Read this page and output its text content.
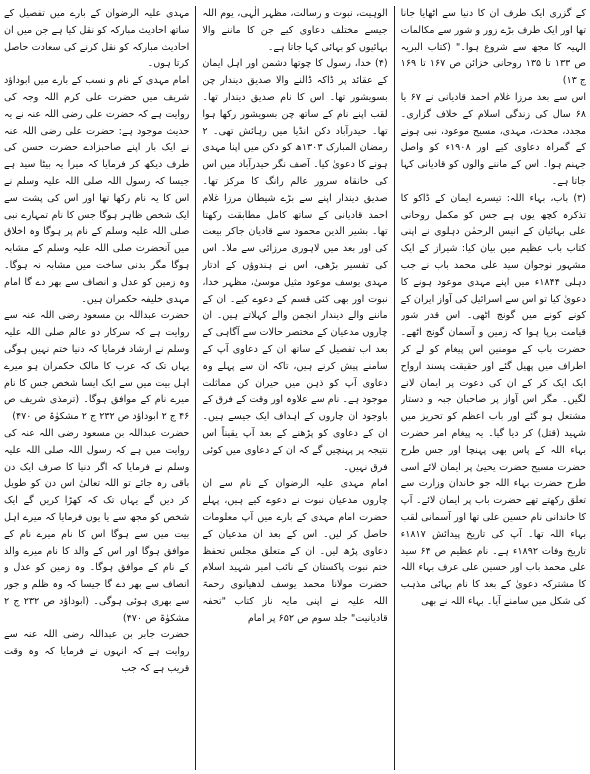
کے گزری ایک طرف ان کا دنیا سے اٹھایا جانا تھا اور ایک طرف بڑے زور و شور سے مکالمات الہیہ کا مجھ سے شروع ہوا۔" (کتاب البریہ ص ۱۳۳ تا ۱۳۵ روحانی خزائن ص ۱۶۷ تا ۱۶۹ ج ۱۳)

اس سے بعد مرزا غلام احمد قادیانی نے ۶۷ یا ۶۸ سال کی زندگی اسلام کے خلاف گزاری۔ مجدد، محدث، مہدی، مسیح موعود، نبی ہونے کے گمراہ دعاوی کیے اور ۱۹۰۸ء کو واصل جہنم ہوا۔ اس کے ماننے والوں کو قادیانی کہا جاتا ہے۔

(۳) باب، بہاء اللہ: تیسرے ایمان کے ڈاکو کا تذکرہ کچھ یوں ہے جس کو مکمل روحانی علی بہائیان کے انیس الرحمٰن دہلوی نے اپنی کتاب باب عظیم میں بیان کیا: شیراز کے ایک مشہور نوجوان سید علی محمد باب نے جب دہلی ۱۸۴۴ء میں اپنے مہدی موعود ہونے کا دعویٰ کیا تو اس سے اسرائیل کی آواز ایران کے کونے کونے میں گونج اٹھی۔ اس قدر شور قیامت برپا ہوا کہ زمین و آسمان گونج اٹھے۔ حضرت باب کے مومنین اس پیغام کو لے کر اطراف میں پھیل گئے اور حقیقت پسند ارواح ایک ایک کر کے ان کی دعوت پر ایمان لانے لگیں۔ مگر اس آواز پر صاحبان جبہ و دستار مشتعل ہو گئے اور باب اعظم کو تحریز میں شہید (قتل) کر دیا گیا۔ یہ پیغام امر حضرت بہاء اللہ کے پاس بھی پہنچا اور جس طرح حضرت مسیح حضرت یحییٰ پر ایمان لائے اسی طرح حضرت بہاء اللہ جو خاندان وزارت سے تعلق رکھتے تھے حضرت باب پر ایمان لائے۔ آپ کا خاندانی نام حسین علی تھا اور آسمانی لقب بہاء اللہ تھا۔ آپ کی تاریخ پیدائش ۱۸۱۷ء تاریخ وفات ۱۸۹۲ء ہے۔ نام عظیم ص ۶۴ سید علی محمد باب اور حسین علی عرف بہاء اللہ کا مشترکہ دعویٰ کے بعد کا نام بہائی مذہب کی شکل میں سامنے آیا۔ بہاء اللہ نے بھی

الوہیت، نبوت و رسالت، مظہر الٰہی، یوم اللہ جیسے مختلف دعاوی کیے جن کا ماننے والا بہائیوں کو بہائی کہا جاتا ہے۔

(۴) خدا، رسول کا چوتھا دشمن اور اہل ایمان کے عقائد پر ڈاکہ ڈالنے والا صدیق دیندار چن بسویشور تھا۔ اس کا نام صدیق دیندار تھا۔ لقب اپنے نام کے ساتھ چن بسویشور رکھا ہوا تھا۔ حیدرآباد دکن انڈیا میں رہائش تھی۔ ۲ رمضان المبارک ۱۳۰۳ھ کو دکن میں اپنا مہدی ہونے کا دعویٰ کیا۔ آصف نگر حیدرآباد میں اس کی خانقاہ سرور عالم رانگ کا مرکز تھا۔ صدیق دیندار اپنے سے بڑے شیطان مرزا غلام احمد قادیانی کے ساتھ کامل مطابقت رکھتا تھا۔ بشیر الدین محمود سے قادیان جاکر بیعت کی اور بعد میں لاہوری مرزائی سے ملا۔ اس کی تفسیر بڑھی، اس نے ہندوؤں کے ادتار مہدی یوسف موعود مثیل موسیٰ، مظہر خدا، نبوت اور بھی کئی قسم کے دعوے کیے۔ ان کے ماننے والے دیندار انجمن والے کہلاتے ہیں۔ ان چاروں مدعیان کے مختصر حالات سے آگاہی کے بعد اب تفصیل کے ساتھ ان کے دعاوی آپ کے سامنے پیش کرنے ہیں، تاکہ ان سے پہلے وہ دعاوی آپ کو ذہن میں حیران کن مماثلت موجود ہے۔ نام سے علاوہ اور وقت کے فرق کے باوجود ان چاروں کے اہداف ایک جیسے ہیں۔ ان کے دعاوی کو پڑھنے کے بعد آپ یقیناً اس نتیجہ پر پہنچیں گے کہ ان کے دعاوی میں کوئی فرق نہیں۔

امام مہدی علیہ الرضوان کے نام سے ان چاروں مدعیان نبوت نے دعوے کیے ہیں، پہلے حضرت امام مہدی کے بارے میں آپ معلومات حاصل کر لیں۔ اس کے بعد ان مدعیان کے دعاوی پڑھ لیں۔ ان کے متعلق مجلس تحفظ ختم نبوت پاکستان کے نائب امیر شہید اسلام حضرت مولانا محمد یوسف لدھیانوی رحمۃ اللہ علیہ نے اپنی مایہ ناز کتاب "تحفہ قادیانیت" جلد سوم ص ۶۵۲ پر امام

مہدی علیہ الرضوان کے بارے میں تفصیل کے ساتھ احادیث مبارکہ کو نقل کیا ہے جن میں ان احادیث مبارکہ کو نقل کرنے کی سعادت حاصل کرتا ہوں۔

امام مہدی کے نام و نسب کے بارے میں ابوداؤد شریف میں حضرت علی کرم اللہ وجہ کی روایت ہے کہ حضرت علی رضی اللہ عنہ نے یہ حدیث موجود ہے: حضرت علی رضی اللہ عنہ نے ایک بار اپنے صاحبزادے حضرت حسن کی طرف دیکھ کر فرمایا کہ میرا یہ بیٹا سید ہے جیسا کہ رسول اللہ صلی اللہ علیہ وسلم نے اس کا یہ نام رکھا تھا اور اس کی پشت سے ایک شخص ظاہر ہوگا جس کا نام تمہارے نبی صلی اللہ علیہ وسلم کے نام پر ہوگا وہ اخلاق میں آنحضرت صلی اللہ علیہ وسلم کے مشابہ ہوگا مگر بدنی ساخت میں مشابہ نہ ہوگا۔ وہ زمین کو عدل و انصاف سے بھر دے گا امام مہدی خلیفہ حکمران ہیں۔

حضرت عبداللہ بن مسعود رضی اللہ عنہ سے روایت ہے کہ سرکار دو عالم صلی اللہ علیہ وسلم نے ارشاد فرمایا کہ دنیا ختم نہیں ہوگی یہاں تک کہ عرب کا مالک حکمران ہو میرے اہل بیت میں سے ایک ایسا شخص جس کا نام میرے نام کے موافق ہوگا۔ (ترمذی شریف ص ۴۶ ج ۲ ابوداؤد ص ۲۳۲ ج ۲ مشکوٰۃ ص ۴۷۰)

حضرت عبداللہ بن مسعود رضی اللہ عنہ کی روایت میں ہے کہ رسول اللہ صلی اللہ علیہ وسلم نے فرمایا کہ اگر دنیا کا صرف ایک دن باقی رہ جائے تو اللہ تعالیٰ اس دن کو طویل کر دیں گے یہاں تک کہ کھڑا کریں گے ایک شخص کو مجھ سے یا یوں فرمایا کہ میرے اہل بیت میں سے ہوگا اس کا نام میرے نام کے موافق ہوگا اور اس کے والد کا نام میرے والد کے نام کے موافق ہوگا۔ وہ زمین کو عدل و انصاف سے بھر دے گا جیسا کہ وہ ظلم و جور سے بھری ہوئی ہوگی۔ (ابوداؤد ص ۲۳۲ ج ۲ مشکوٰۃ ص ۴۷۰)

حضرت جابر بن عبداللہ رضی اللہ عنہ سے روایت ہے کہ انہوں نے فرمایا کہ وہ وقت قریب ہے کہ جب
